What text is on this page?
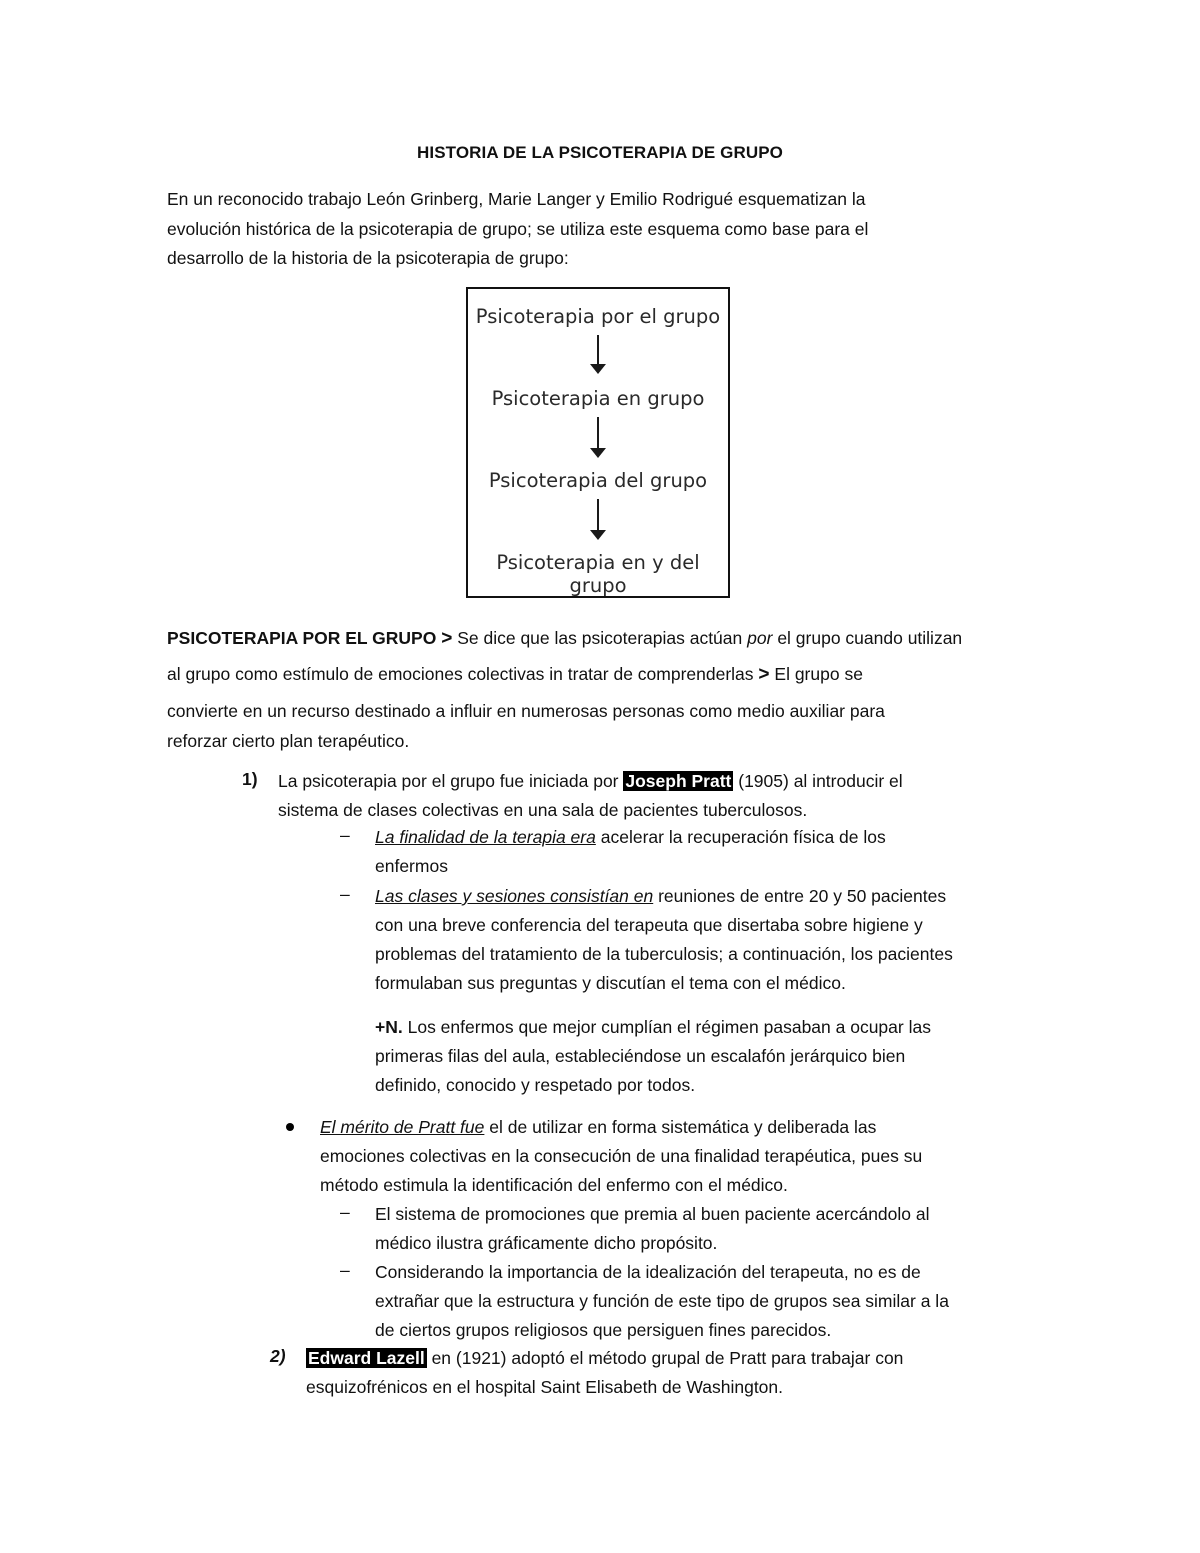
HISTORIA DE LA PSICOTERAPIA DE GRUPO
En un reconocido trabajo León Grinberg, Marie Langer y Emilio Rodrigué esquematizan la
evolución histórica de la psicoterapia de grupo; se utiliza este esquema como base para el
desarrollo de la historia de la psicoterapia de grupo:
Psicoterapia por el grupo
Psicoterapia en grupo
Psicoterapia del grupo
Psicoterapia en y del grupo
PSICOTERAPIA POR EL GRUPO > Se dice que las psicoterapias actúan por el grupo cuando utilizan
al grupo como estímulo de emociones colectivas in tratar de comprenderlas > El grupo se
convierte en un recurso destinado a influir en numerosas personas como medio auxiliar para
reforzar cierto plan terapéutico.
1) La psicoterapia por el grupo fue iniciada por Joseph Pratt (1905) al introducir el
sistema de clases colectivas en una sala de pacientes tuberculosos.
– La finalidad de la terapia era acelerar la recuperación física de los
enfermos
– Las clases y sesiones consistían en reuniones de entre 20 y 50 pacientes
con una breve conferencia del terapeuta que disertaba sobre higiene y
problemas del tratamiento de la tuberculosis; a continuación, los pacientes
formulaban sus preguntas y discutían el tema con el médico.
+N. Los enfermos que mejor cumplían el régimen pasaban a ocupar las
primeras filas del aula, estableciéndose un escalafón jerárquico bien
definido, conocido y respetado por todos.
El mérito de Pratt fue el de utilizar en forma sistemática y deliberada las
emociones colectivas en la consecución de una finalidad terapéutica, pues su
método estimula la identificación del enfermo con el médico.
– El sistema de promociones que premia al buen paciente acercándolo al
médico ilustra gráficamente dicho propósito.
– Considerando la importancia de la idealización del terapeuta, no es de
extrañar que la estructura y función de este tipo de grupos sea similar a la
de ciertos grupos religiosos que persiguen fines parecidos.
2) Edward Lazell en (1921) adoptó el método grupal de Pratt para trabajar con
esquizofrénicos en el hospital Saint Elisabeth de Washington.
